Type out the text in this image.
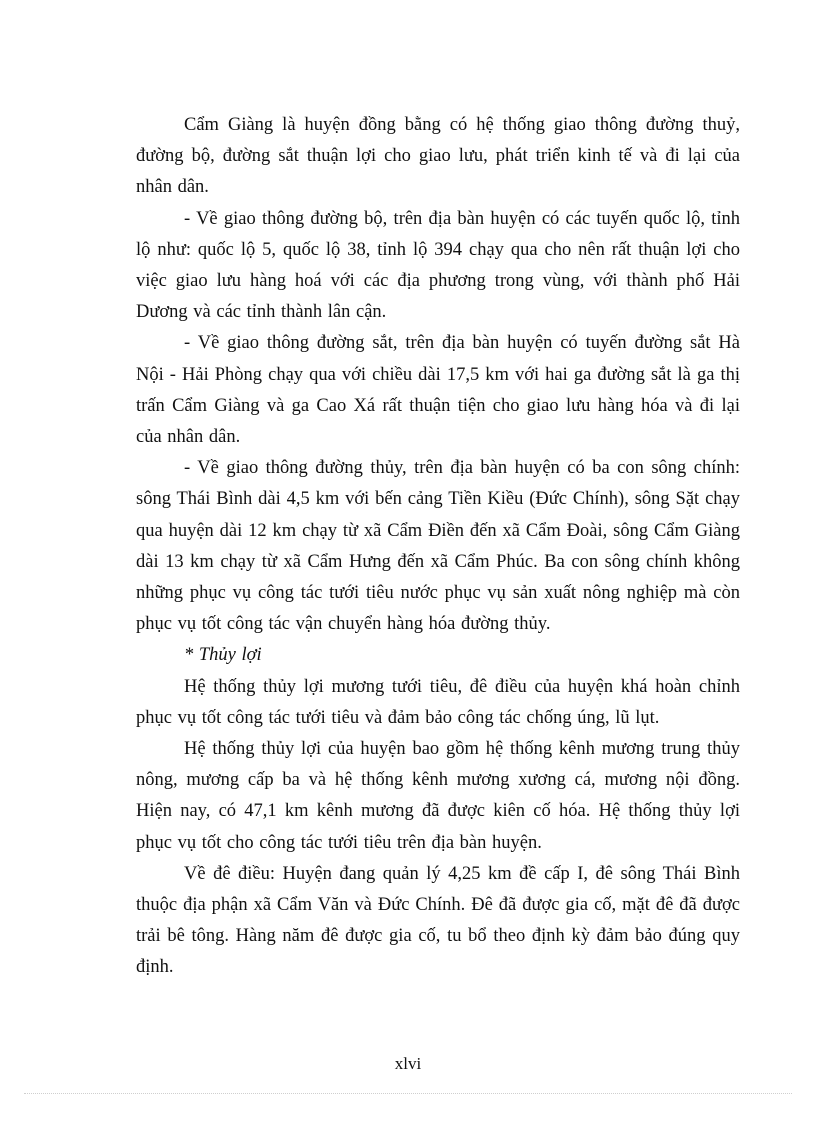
Cẩm Giàng là huyện đồng bằng có hệ thống giao thông đường thuỷ, đường bộ, đường sắt thuận lợi cho giao lưu, phát triển kinh tế và đi lại của nhân dân.

- Về giao thông đường bộ, trên địa bàn huyện có các tuyến quốc lộ, tỉnh lộ như: quốc lộ 5, quốc lộ 38, tỉnh lộ 394 chạy qua cho nên rất thuận lợi cho việc giao lưu hàng hoá với các địa phương trong vùng, với thành phố Hải Dương và các tỉnh thành lân cận.

- Về giao thông đường sắt, trên địa bàn huyện có tuyến đường sắt Hà Nội - Hải Phòng chạy qua với chiều dài 17,5 km với hai ga đường sắt là ga thị trấn Cẩm Giàng và ga Cao Xá rất thuận tiện cho giao lưu hàng hóa và đi lại của nhân dân.

- Về giao thông đường thủy, trên địa bàn huyện có ba con sông chính: sông Thái Bình dài 4,5 km với bến cảng Tiền Kiều (Đức Chính), sông Sặt chạy qua huyện dài 12 km chạy từ xã Cẩm Điền đến xã Cẩm Đoài, sông Cẩm Giàng dài 13 km chạy từ xã Cẩm Hưng đến xã Cẩm Phúc. Ba con sông chính không những phục vụ công tác tưới tiêu nước phục vụ sản xuất nông nghiệp mà còn phục vụ tốt công tác vận chuyển hàng hóa đường thủy.

* Thủy lợi

Hệ thống thủy lợi mương tưới tiêu, đê điều của huyện khá hoàn chỉnh phục vụ tốt công tác tưới tiêu và đảm bảo công tác chống úng, lũ lụt.

Hệ thống thủy lợi của huyện bao gồm hệ thống kênh mương trung thủy nông, mương cấp ba và hệ thống kênh mương xương cá, mương nội đồng. Hiện nay, có 47,1 km kênh mương đã được kiên cố hóa. Hệ thống thủy lợi phục vụ tốt cho công tác tưới tiêu trên địa bàn huyện.

Về đê điều: Huyện đang quản lý 4,25 km đề cấp I, đê sông Thái Bình thuộc địa phận xã Cẩm Văn và Đức Chính. Đê đã được gia cố, mặt đê đã được trải bê tông. Hàng năm đê được gia cố, tu bổ theo định kỳ đảm bảo đúng quy định.

xlvi
